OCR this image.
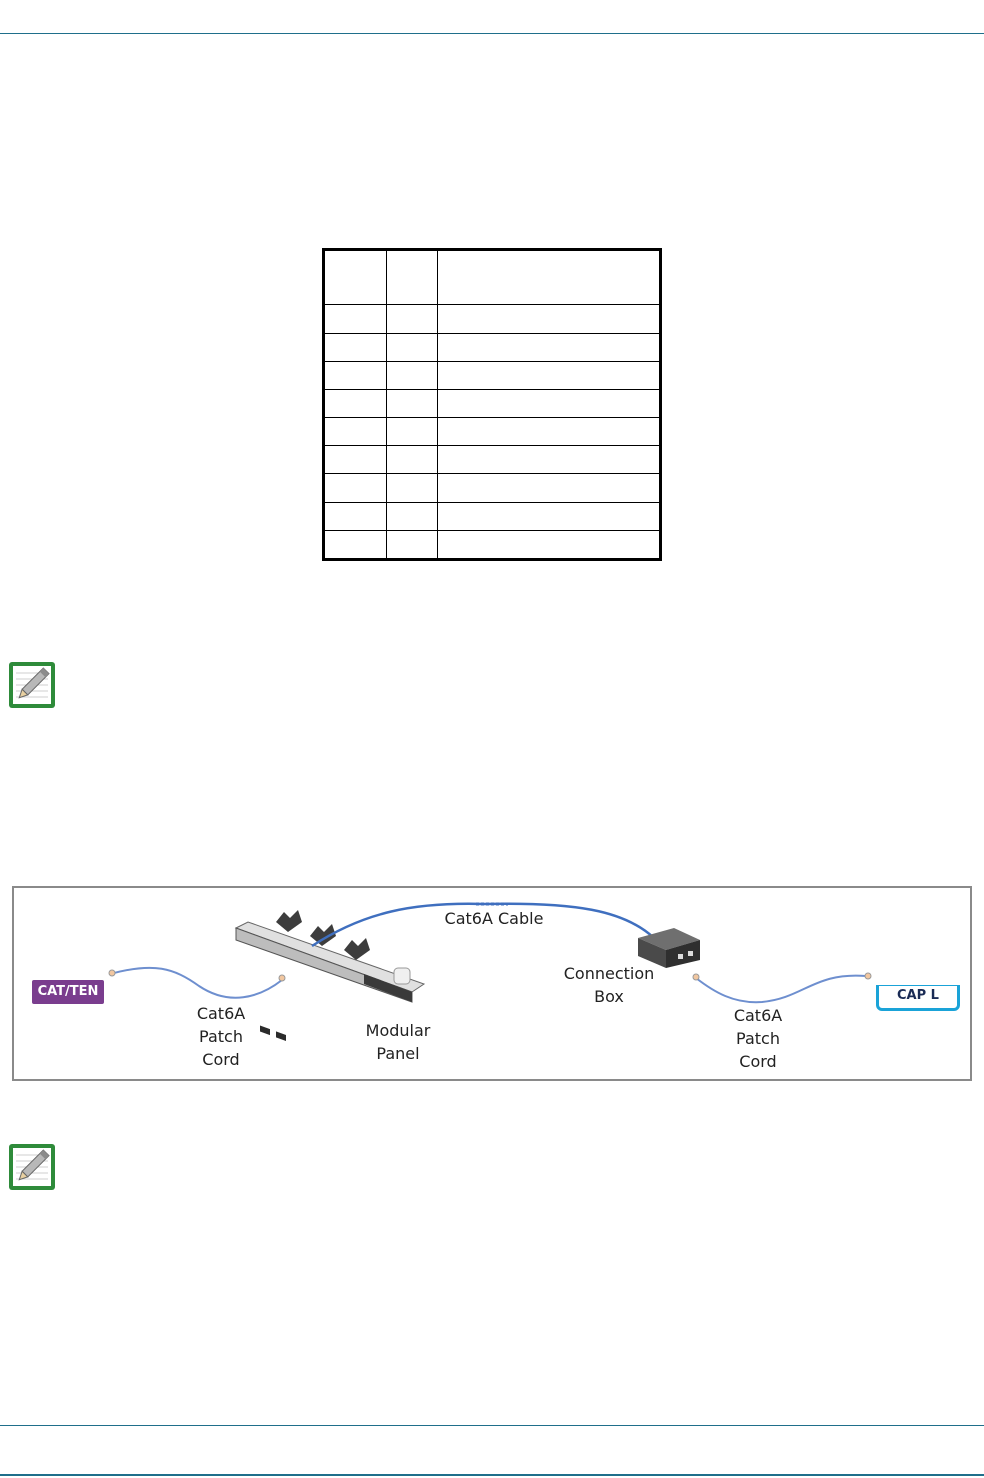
CAT/TEN	CAP L
Cat6A
Patch
Cord
Modular
Panel
Cat6A Cable
Connection
Box
Cat6A
Patch
Cord
